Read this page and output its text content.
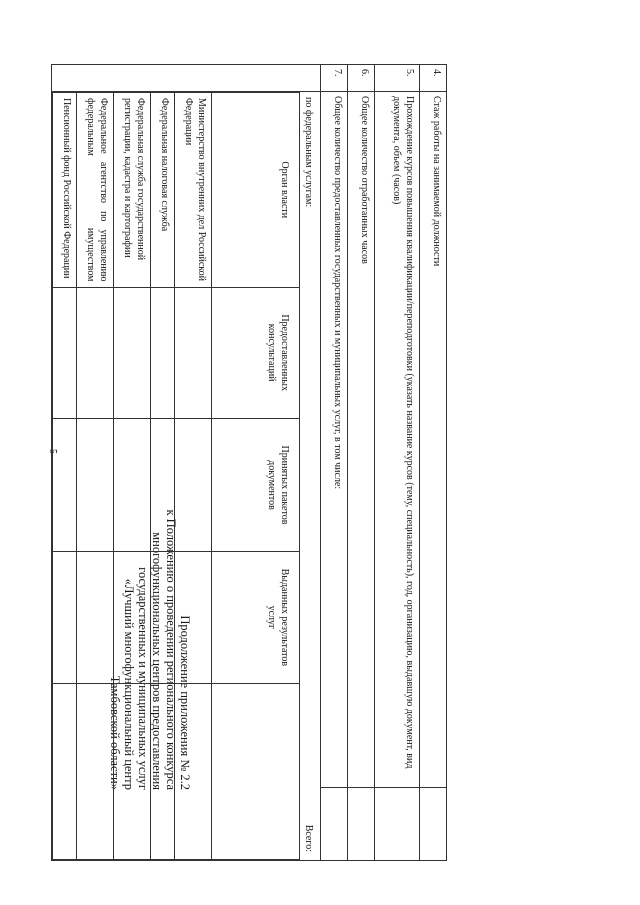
5
Продолжение приложения № 2.2
к Положению о проведении регионального конкурса
многофункциональных центров предоставления
государственных и муниципальных услуг
«Лучший многофункциональный центр
Тамбовской области»
4.	Стаж работы на занимаемой должности	
5.	Прохождение курсов повышения квалификации/переподготовки (указать название курсов (тему, специальность), год, организацию, выдавшую документ, вид документа, объем (часов)	
6.	Общее количество отработанных часов	
7.	Общее количество предоставленных государственных и муниципальных услуг, в том числе:	

по федеральным услугам:
Всего:
Орган власти	Предоставленных консультаций	Принятых пакетов документов	Выданных результатов услуг	
Министерство внутренних дел Российской Федерации				
Федеральная налоговая служба				
Федеральная служба государственной регистрации, кадастра и картографии				
Федеральное агентство по управлению федеральным имуществом				
Пенсионный фонд Российской Федерации				
